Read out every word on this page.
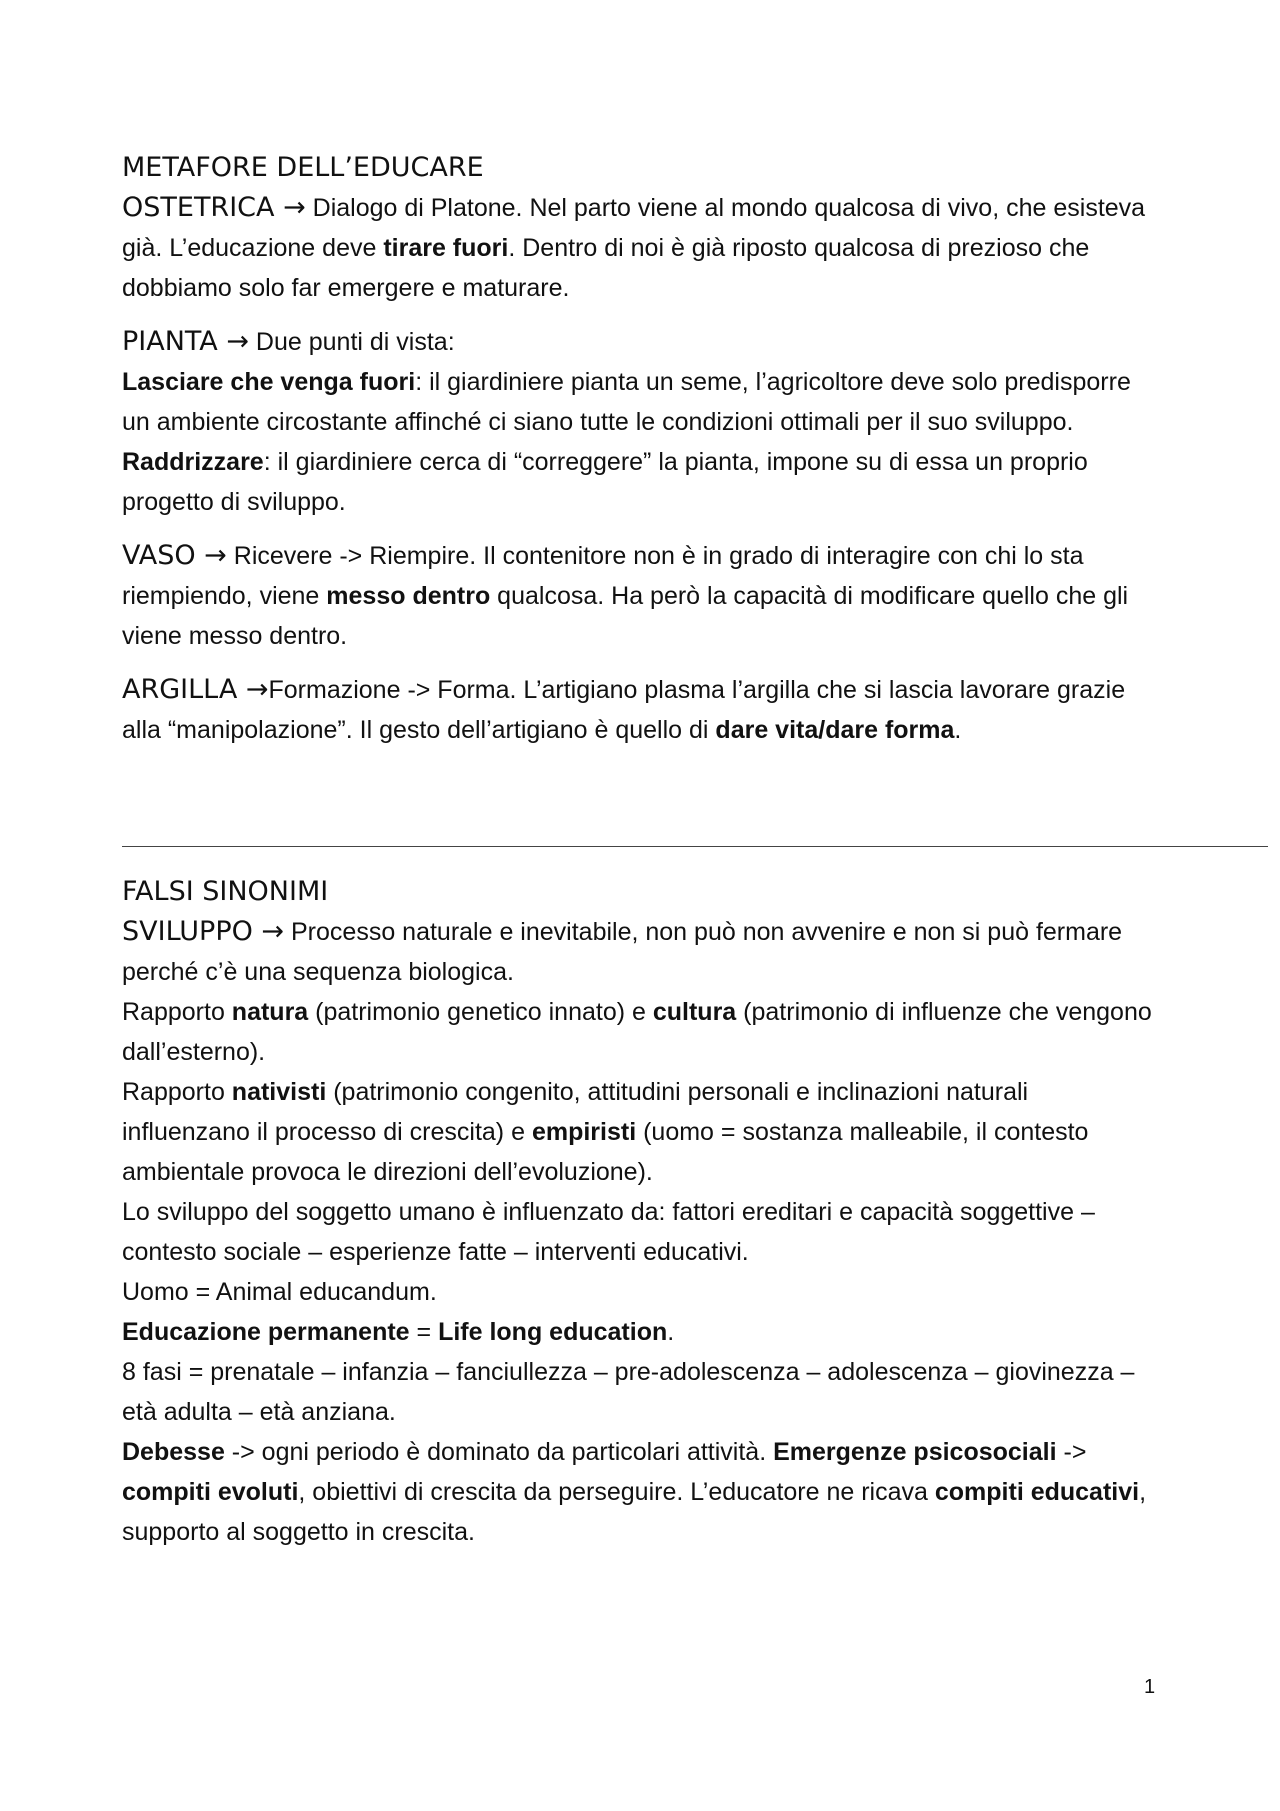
METAFORE DELL’EDUCARE

OSTETRICA → Dialogo di Platone. Nel parto viene al mondo qualcosa di vivo, che esisteva già. L’educazione deve tirare fuori. Dentro di noi è già riposto qualcosa di prezioso che dobbiamo solo far emergere e maturare.

PIANTA → Due punti di vista:

Lasciare che venga fuori: il giardiniere pianta un seme, l’agricoltore deve solo predisporre un ambiente circostante affinché ci siano tutte le condizioni ottimali per il suo sviluppo.

Raddrizzare: il giardiniere cerca di “correggere” la pianta, impone su di essa un proprio progetto di sviluppo.

VASO → Ricevere -> Riempire. Il contenitore non è in grado di interagire con chi lo sta riempiendo, viene messo dentro qualcosa. Ha però la capacità di modificare quello che gli viene messo dentro.

ARGILLA →Formazione -> Forma. L’artigiano plasma l’argilla che si lascia lavorare grazie alla “manipolazione”. Il gesto dell’artigiano è quello di dare vita/dare forma.

FALSI SINONIMI

SVILUPPO → Processo naturale e inevitabile, non può non avvenire e non si può fermare perché c’è una sequenza biologica.

Rapporto natura (patrimonio genetico innato) e cultura (patrimonio di influenze che vengono dall’esterno).

Rapporto nativisti (patrimonio congenito, attitudini personali e inclinazioni naturali influenzano il processo di crescita) e empiristi (uomo = sostanza malleabile, il contesto ambientale provoca le direzioni dell’evoluzione).

Lo sviluppo del soggetto umano è influenzato da: fattori ereditari e capacità soggettive – contesto sociale – esperienze fatte – interventi educativi.

Uomo = Animal educandum.

Educazione permanente = Life long education.

8 fasi = prenatale – infanzia – fanciullezza – pre-adolescenza – adolescenza – giovinezza – età adulta – età anziana.

Debesse -> ogni periodo è dominato da particolari attività. Emergenze psicosociali -> compiti evoluti, obiettivi di crescita da perseguire. L’educatore ne ricava compiti educativi, supporto al soggetto in crescita.

1
